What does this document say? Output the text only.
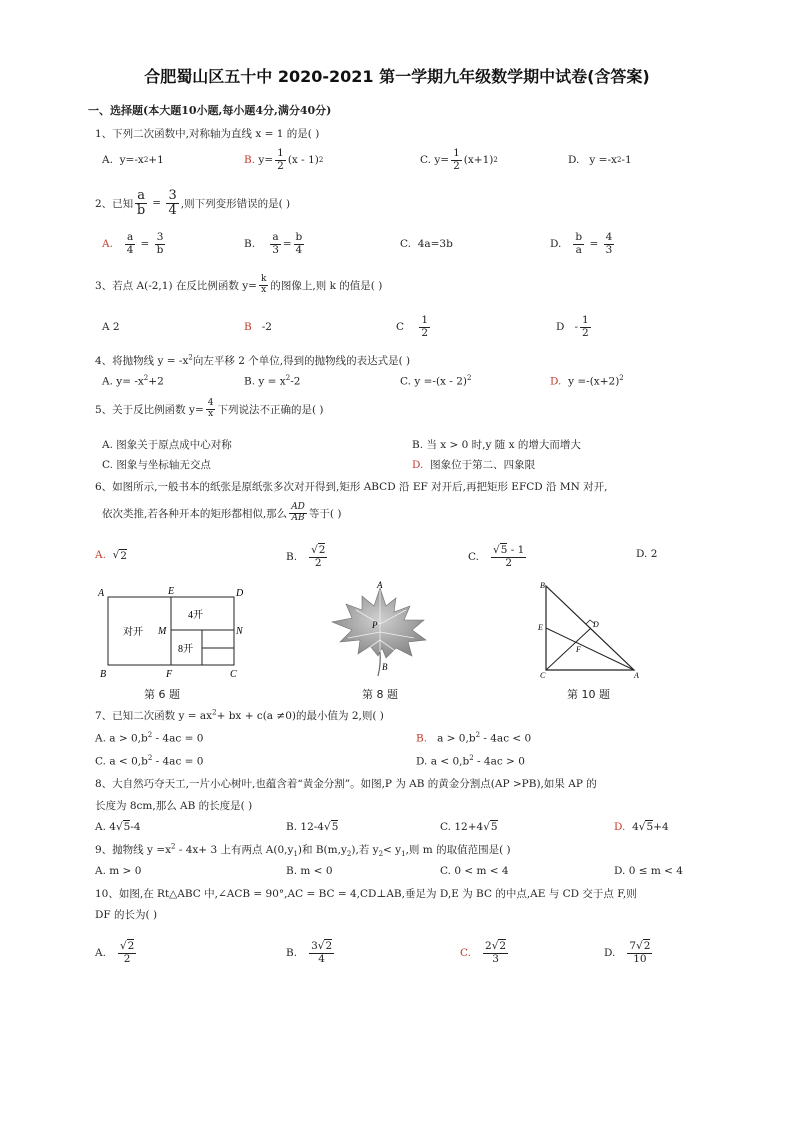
合肥蜀山区五十中 2020-2021 第一学期九年级数学期中试卷(含答案)
一、选择题(本大题10小题,每小题4分,满分40分)
1、下列二次函数中,对称轴为直线 x = 1 的是( )
A.
y=-x 2 +1	B.
$y= \frac{1}{2} (x - 1)$ 2	C.
$y= \frac{1}{2} (x+1)$ 2	D.
y =-x 2 -1
2、已知 $\frac{a}{b}$
=
$\frac{3}{4}$ ,则下列变形错误的是( )
A.
$\frac{a}{4} = \frac{3}{b}$	B.
$\frac{a}{3} = \frac{b}{4}$	C.
4a=3b	D.
$\frac{b}{a} = \frac{4}{3}$
3、若点 A(-2,1) 在反比例函数 $y= \frac{k}{x}$ 的图像上,则 k 的值是( )
A 2	B
-2	C
$\frac{1}{2}$	D
- $\frac{1}{2}$
4、将抛物线 $y = -x^2$向左平移 2 个单位,得到的抛物线的表达式是( )
A. $y= -x^2+2$	B. $y = x^2-2$	C. y =-(x - 2)$^2$	D. $y =-(x+2)^2$
5、关于反比例函数 $y= \frac{4}{x}$ 下列说法不正确的是( )
A. 图象关于原点成中心对称	B. 当 x > 0 时,y 随 x 的增大而增大
C. 图象与坐标轴无交点	D. 图象位于第二、四象限
6、如图所示,一般书本的纸张是原纸张多次对开得到,矩形 ABCD 沿 EF 对开后,再把矩形 EFCD 沿 MN 对开,
依次类推,若各种开本的矩形都相似,那么 $\frac{AD}{AB}$ 等于( )
A. √ 2	B.
$\frac{√2}{2}$	C.
$\frac{√5 - 1}{2}$	D. 2
A	E	D
B	F	C
M	N
对开
4开
8开
第 6 题
A
P
B
第 8 题
B
E	D
F
C	A
第 10 题
7、已知二次函数 $y = ax^2+$ bx + c(a ≠0)的最小值为 2,则( )
A. $a > 0,b^2 - 4ac = 0$	B. $a > 0,b^2 - 4ac < 0$
C. $a < 0,b^2 - 4ac = 0$	D. $a < 0,b^2 - 4ac > 0$
8、大自然巧夺天工,一片小心树叶,也蕴含着“黄金分割”。如图,P 为 AB 的黄金分割点(AP >PB),如果 AP 的
长度为 8cm,那么 AB 的长度是( )
A. 4√5-4	B. 12-4√5	C. 12+4√5	D. 4√5+4
9、抛物线 $y =x^2 - 4x+ 3$ 上有两点 $A(0,y_1)$和 $B(m,y_2)$,若 $y_2< y_1$,则 m 的取值范围是( )
A. m > 0	B. m < 0	C. 0 < m < 4	D. 0 ≤ m < 4
10、如图,在 Rt△ABC 中,∠ACB = 90°,AC = BC = 4,CD⊥AB,垂足为 D,E 为 BC 的中点,AE 与 CD 交于点 F,则
DF 的长为( )
A.
$\frac{√2}{2}$	B.
$\frac{3√2}{4}$	C.
$\frac{2√2}{3}$	D.
$\frac{7√2}{10}$
